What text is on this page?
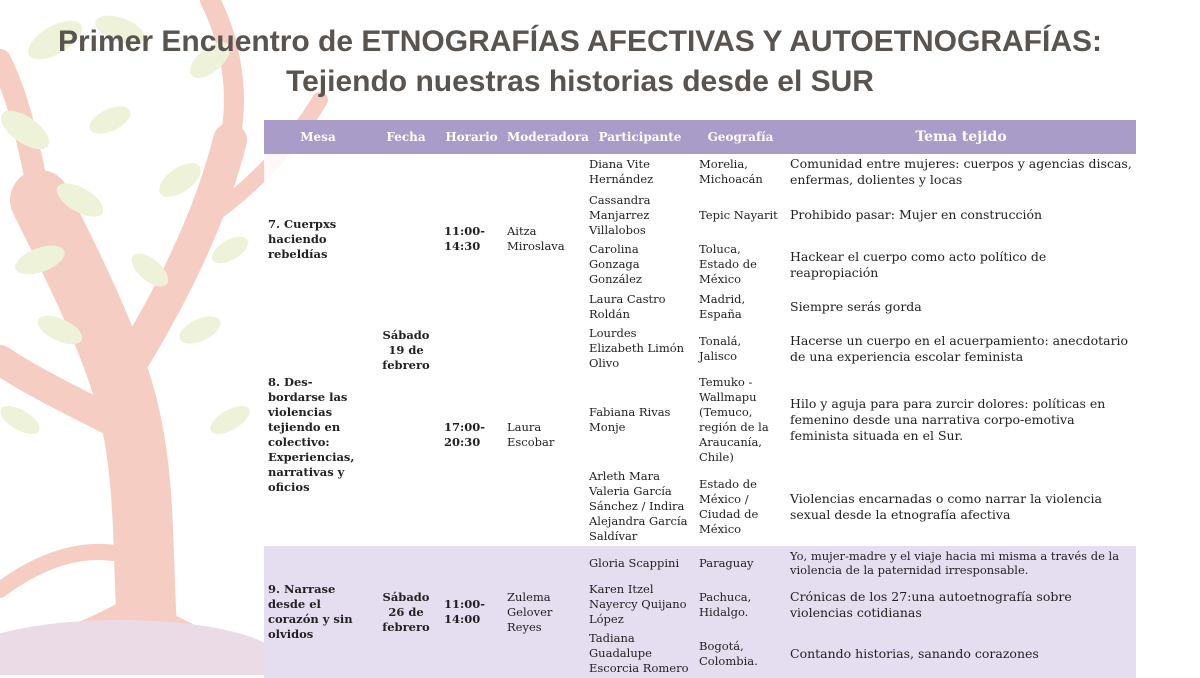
Primer Encuentro de ETNOGRAFÍAS AFECTIVAS Y AUTOETNOGRAFÍAS:
Tejiendo nuestras historias desde el SUR
Mesa	Fecha	Horario	Moderadora	Participante	Geografía	Tema tejido
7. Cuerpxs haciendo rebeldías	Sábado 19 de febrero	11:00-14:30	Aitza Miroslava	Diana Vite Hernández	Morelia, Michoacán	Comunidad entre mujeres: cuerpos y agencias discas, enfermas, dolientes y locas
				Cassandra Manjarrez Villalobos	Tepic Nayarit	Prohibido pasar: Mujer en construcción
				Carolina Gonzaga González	Toluca, Estado de México	Hackear el cuerpo como acto político de reapropiación
				Laura Castro Roldán	Madrid, España	Siempre serás gorda
8. Des-bordarse las violencias tejiendo en colectivo: Experiencias, narrativas y oficios		17:00-20:30	Laura Escobar	Lourdes Elizabeth Limón Olivo	Tonalá, Jalisco	Hacerse un cuerpo en el acuerpamiento: anecdotario de una experiencia escolar feminista
				Fabiana Rivas Monje	Temuko - Wallmapu (Temuco, región de la Araucanía, Chile)	Hilo y aguja para para zurcir dolores: políticas en femenino desde una narrativa corpo-emotiva feminista situada en el Sur.
				Arleth Mara Valeria García Sánchez / Indira Alejandra García Saldívar	Estado de México / Ciudad de México	Violencias encarnadas o como narrar la violencia sexual desde la etnografía afectiva
9. Narrase desde el corazón y sin olvidos	Sábado 26 de febrero	11:00-14:00	Zulema Gelover Reyes	Gloria Scappini	Paraguay	Yo, mujer-madre y el viaje hacia mi misma a través de la violencia de la paternidad irresponsable.
				Karen Itzel Nayercy Quijano López	Pachuca, Hidalgo.	Crónicas de los 27:una autoetnografía sobre violencias cotidianas
				Tadiana Guadalupe Escorcia Romero	Bogotá, Colombia.	Contando historias, sanando corazones
